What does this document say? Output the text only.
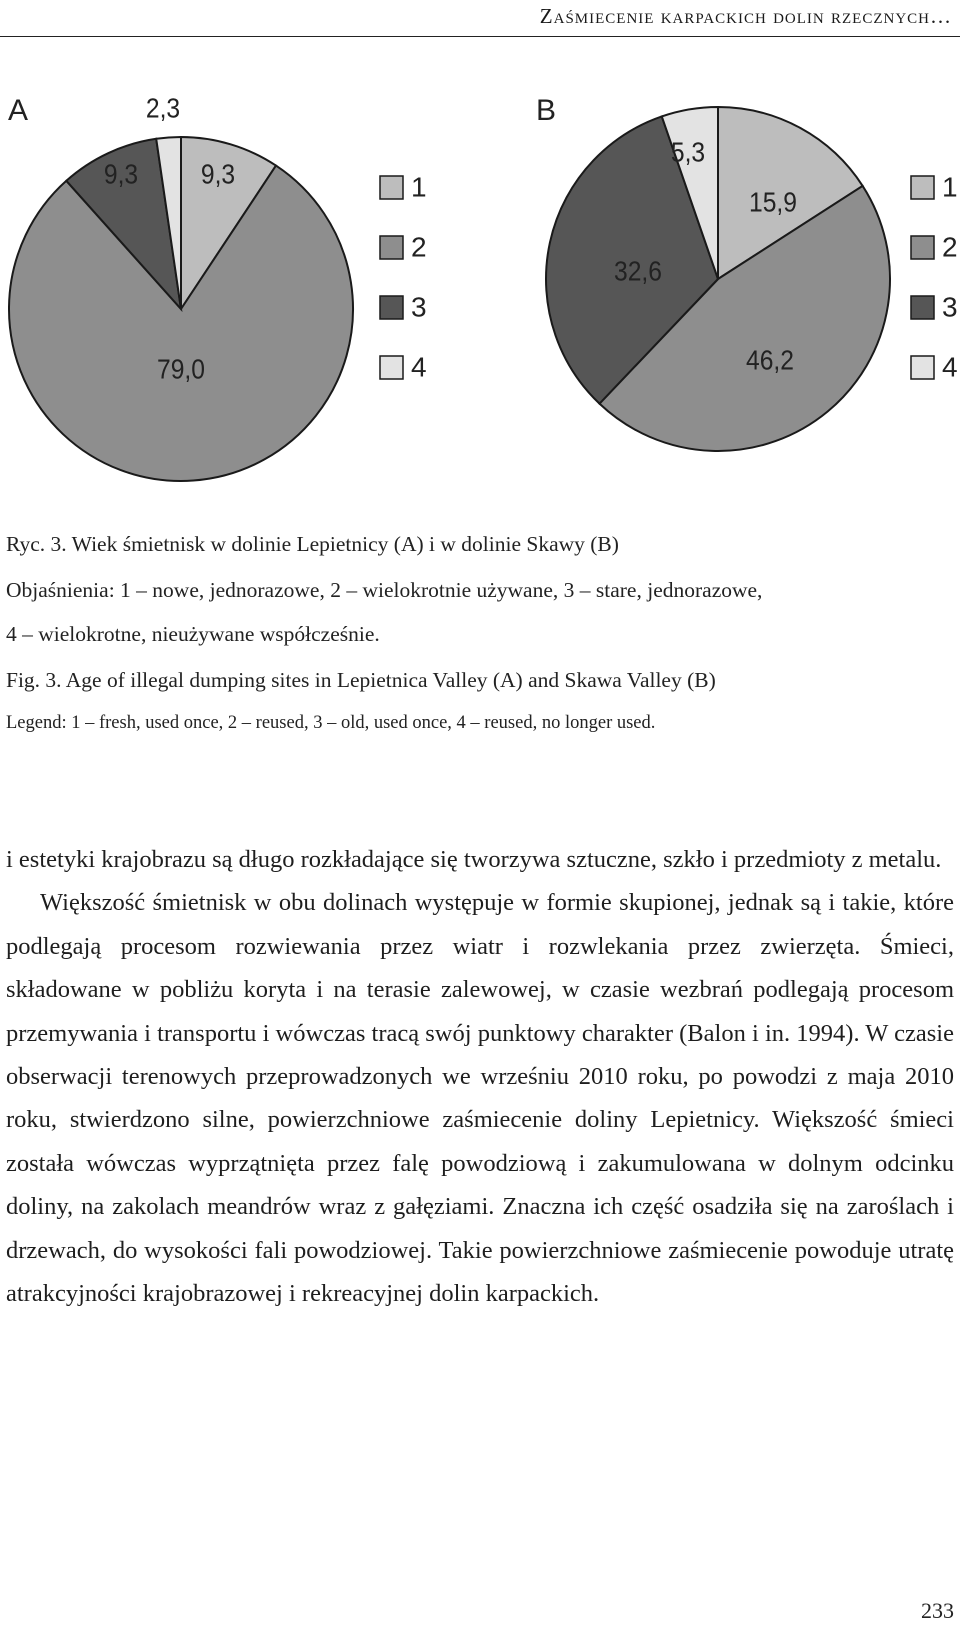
Zaśmiecenie karpackich dolin rzecznych…
9,3
79,0
9,3
2,3
A
1
2
3
4
15,9
46,2
32,6
5,3
B
1
2
3
4
Ryc. 3. Wiek śmietnisk w dolinie Lepietnicy (A) i w dolinie Skawy (B)
Objaśnienia: 1 – nowe, jednorazowe, 2 – wielokrotnie używane, 3 – stare, jednorazowe,
4 – wielokrotne, nieużywane współcześnie.
Fig. 3. Age of illegal dumping sites in Lepietnica Valley (A) and Skawa Valley (B)
Legend: 1 – fresh, used once, 2 – reused, 3 – old, used once, 4 – reused, no longer used.

i estetyki krajobrazu są długo rozkładające się tworzywa sztuczne, szkło i przedmioty z metalu.

Większość śmietnisk w obu dolinach występuje w formie skupionej, jednak są i takie, które podlegają procesom rozwiewania przez wiatr i rozwlekania przez zwierzęta. Śmieci, składowane w pobliżu koryta i na terasie zalewowej, w czasie wezbrań podlegają procesom przemywania i transportu i wówczas tracą swój punktowy charakter (Balon i in. 1994). W czasie obserwacji terenowych przeprowadzonych we wrześniu 2010 roku, po powodzi z maja 2010 roku, stwierdzono silne, powierzchniowe zaśmiecenie doliny Lepietnicy. Większość śmieci została wówczas wyprzątnięta przez falę powodziową i zakumulowana w dolnym odcinku doliny, na zakolach meandrów wraz z gałęziami. Znaczna ich część osadziła się na zaroślach i drzewach, do wysokości fali powodziowej. Takie powierzchniowe zaśmiecenie powoduje utratę atrakcyjności krajobrazowej i rekreacyjnej dolin karpackich.

233
